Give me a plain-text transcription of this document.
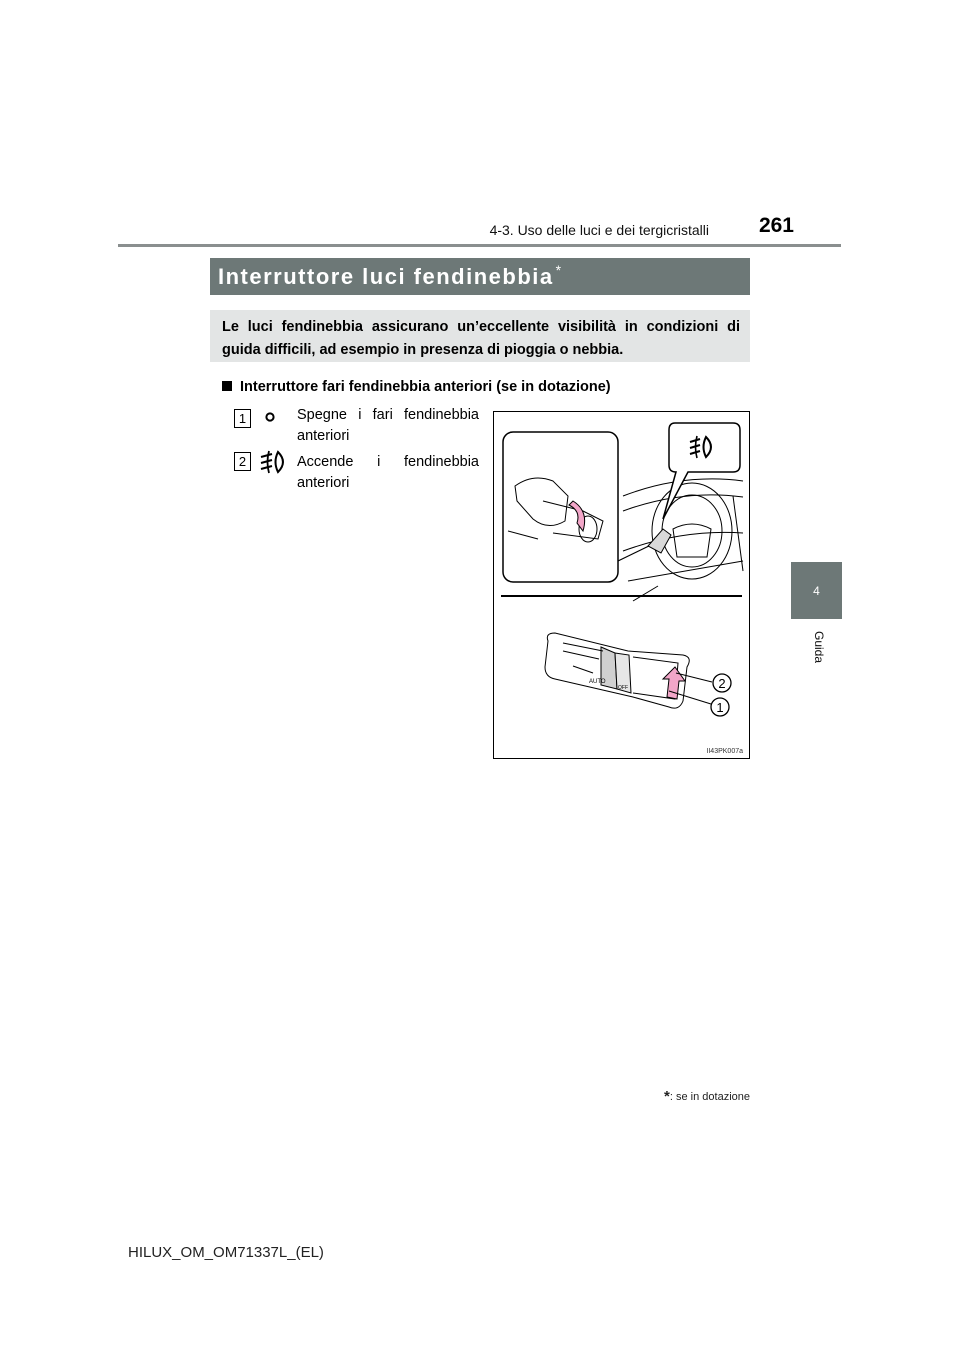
4-3. Uso delle luci e dei tergicristalli	261
4
Guida
Interruttore luci fendinebbia *
Le luci fendinebbia assicurano un’eccellente visibilità in condizioni di guida difficili, ad esempio in presenza di pioggia o nebbia.
Interruttore fari fendinebbia anteriori (se in dotazione)
1	Spegne i fari fendinebbia anteriori
2	Accende i fendinebbia anteriori
AUTO
OFF	2
1
II43PK007a
*: se in dotazione
HILUX_OM_OM71337L_(EL)
